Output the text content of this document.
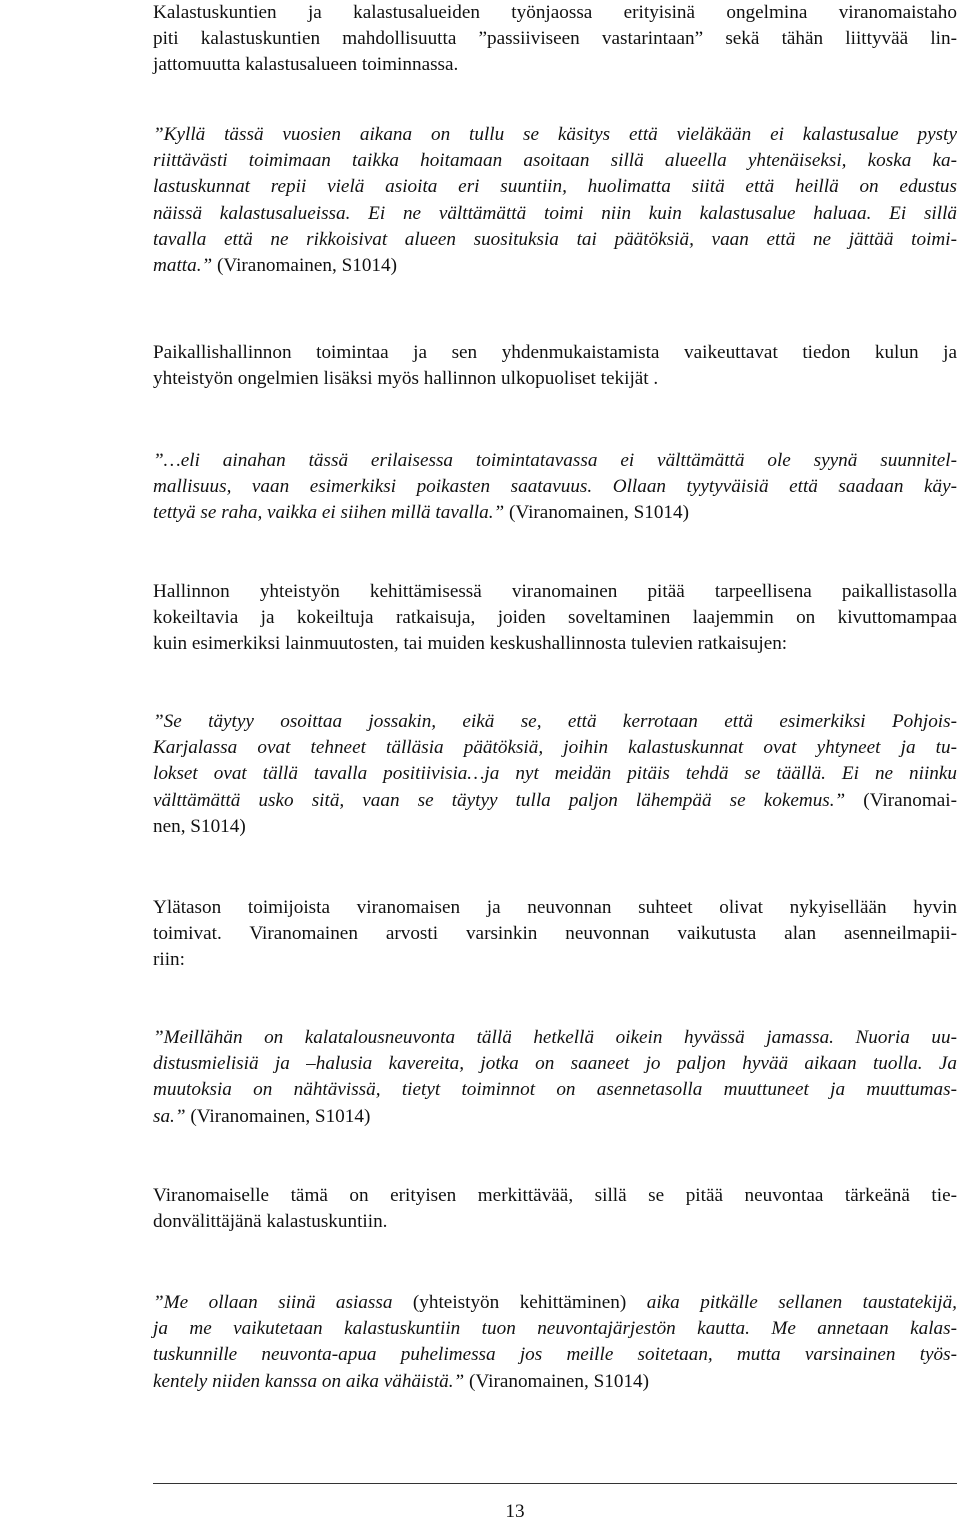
Kalastuskuntien ja kalastusalueiden työnjaossa erityisinä ongelmina viranomaistaho
piti kalastuskuntien mahdollisuutta ”passiiviseen vastarintaan” sekä tähän liittyvää lin-
jattomuutta kalastusalueen toiminnassa.

”Kyllä tässä vuosien aikana on tullu se käsitys että vieläkään ei kalastusalue pysty
riittävästi toimimaan taikka hoitamaan asoitaan sillä alueella yhtenäiseksi, koska ka-
lastuskunnat repii vielä asioita eri suuntiin, huolimatta siitä että heillä on edustus
näissä kalastusalueissa. Ei ne välttämättä toimi niin kuin kalastusalue haluaa. Ei sillä
tavalla että ne rikkoisivat alueen suosituksia tai päätöksiä, vaan että ne jättää toimi-
matta.” (Viranomainen, S1014)

Paikallishallinnon toimintaa ja sen yhdenmukaistamista vaikeuttavat tiedon kulun ja
yhteistyön ongelmien lisäksi myös hallinnon ulkopuoliset tekijät .

”…eli ainahan tässä erilaisessa toimintatavassa ei välttämättä ole syynä suunnitel-
mallisuus, vaan esimerkiksi poikasten saatavuus. Ollaan tyytyväisiä että saadaan käy-
tettyä se raha, vaikka ei siihen millä tavalla.” (Viranomainen, S1014)

Hallinnon yhteistyön kehittämisessä viranomainen pitää tarpeellisena paikallistasolla
kokeiltavia ja kokeiltuja ratkaisuja, joiden soveltaminen laajemmin on kivuttomampaa
kuin esimerkiksi lainmuutosten, tai muiden keskushallinnosta tulevien ratkaisujen:

”Se täytyy osoittaa jossakin, eikä se, että kerrotaan että esimerkiksi Pohjois-
Karjalassa ovat tehneet tälläsia päätöksiä, joihin kalastuskunnat ovat yhtyneet ja tu-
lokset ovat tällä tavalla positiivisia…ja nyt meidän pitäis tehdä se täällä. Ei ne niinku
välttämättä usko sitä, vaan se täytyy tulla paljon lähempää se kokemus.” (Viranomai-
nen, S1014)

Ylätason toimijoista viranomaisen ja neuvonnan suhteet olivat nykyisellään hyvin
toimivat. Viranomainen arvosti varsinkin neuvonnan vaikutusta alan asenneilmapii-
riin:

”Meillähän on kalatalousneuvonta tällä hetkellä oikein hyvässä jamassa. Nuoria uu-
distusmielisiä ja –halusia kavereita, jotka on saaneet jo paljon hyvää aikaan tuolla. Ja
muutoksia on nähtävissä, tietyt toiminnot on asennetasolla muuttuneet ja muuttumas-
sa.” (Viranomainen, S1014)

Viranomaiselle tämä on erityisen merkittävää, sillä se pitää neuvontaa tärkeänä tie-
donvälittäjänä kalastuskuntiin.

”Me ollaan siinä asiassa (yhteistyön kehittäminen) aika pitkälle sellanen taustatekijä,
ja me vaikutetaan kalastuskuntiin tuon neuvontajärjestön kautta. Me annetaan kalas-
tuskunnille neuvonta-apua puhelimessa jos meille soitetaan, mutta varsinainen työs-
kentely niiden kanssa on aika vähäistä.” (Viranomainen, S1014)

13
